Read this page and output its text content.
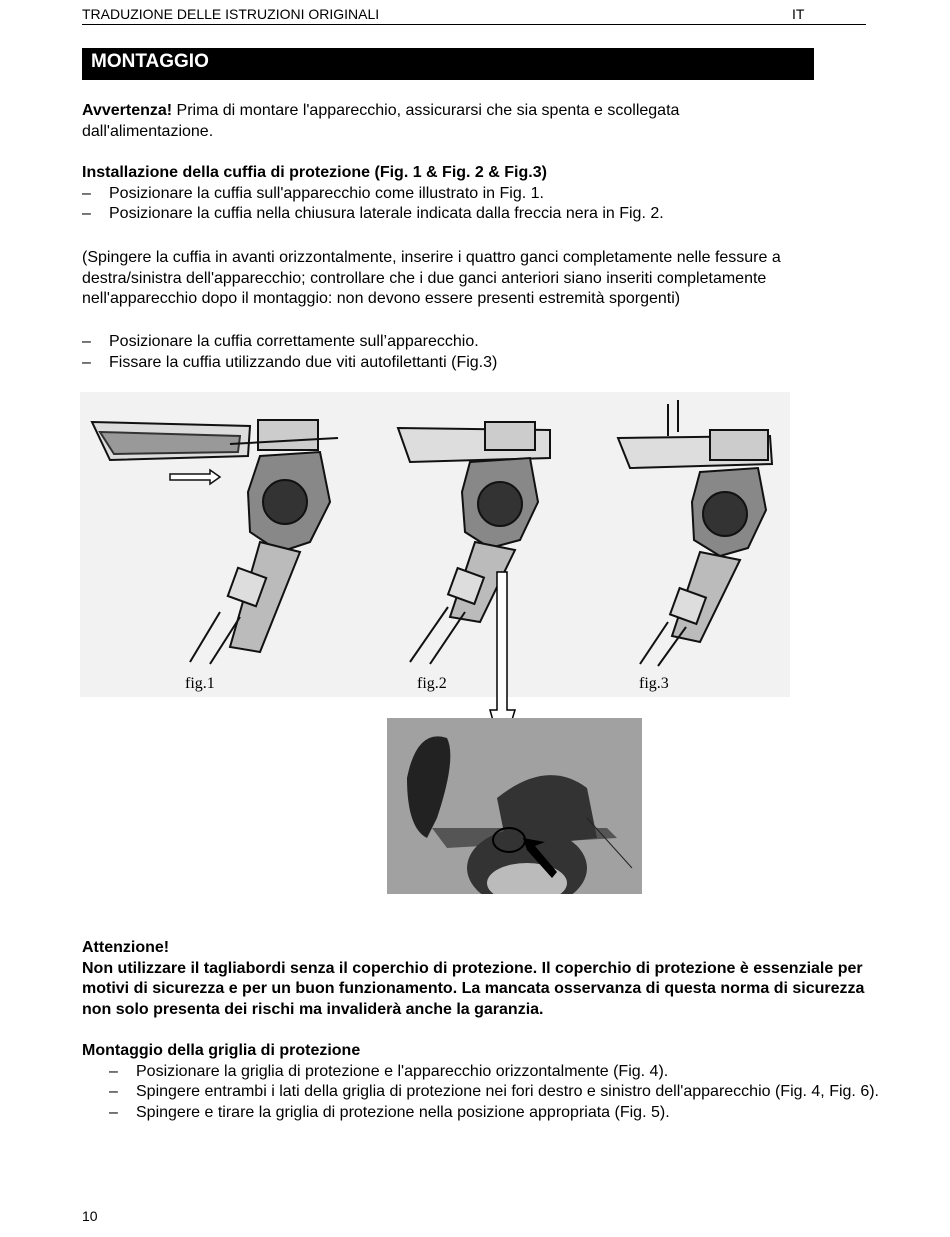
TRADUZIONE DELLE ISTRUZIONI ORIGINALI	IT
MONTAGGIO
Avvertenza! Prima di montare l'apparecchio, assicurarsi che sia spenta e scollegata dall'alimentazione.
Installazione della cuffia di protezione (Fig. 1 & Fig. 2 & Fig.3)
– Posizionare la cuffia sull'apparecchio come illustrato in Fig. 1.
– Posizionare la cuffia nella chiusura laterale indicata dalla freccia nera in Fig. 2.
(Spingere la cuffia in avanti orizzontalmente, inserire i quattro ganci completamente nelle fessure a destra/sinistra dell'apparecchio; controllare che i due ganci anteriori siano inseriti completamente nell'apparecchio dopo il montaggio: non devono essere presenti estremità sporgenti)
– Posizionare la cuffia correttamente sull’apparecchio.
– Fissare la cuffia utilizzando due viti autofilettanti (Fig.3)
fig.1	fig.2	fig.3
Attenzione!
Non utilizzare il tagliabordi senza il coperchio di protezione. Il coperchio di protezione è essenziale per motivi di sicurezza e per un buon funzionamento. La mancata osservanza di questa norma di sicurezza non solo presenta dei rischi ma invaliderà anche la garanzia.
Montaggio della griglia di protezione
– Posizionare la griglia di protezione e l'apparecchio orizzontalmente (Fig. 4).
– Spingere entrambi i lati della griglia di protezione nei fori destro e sinistro dell'apparecchio (Fig. 4, Fig. 6).
– Spingere e tirare la griglia di protezione nella posizione appropriata (Fig. 5).
10
